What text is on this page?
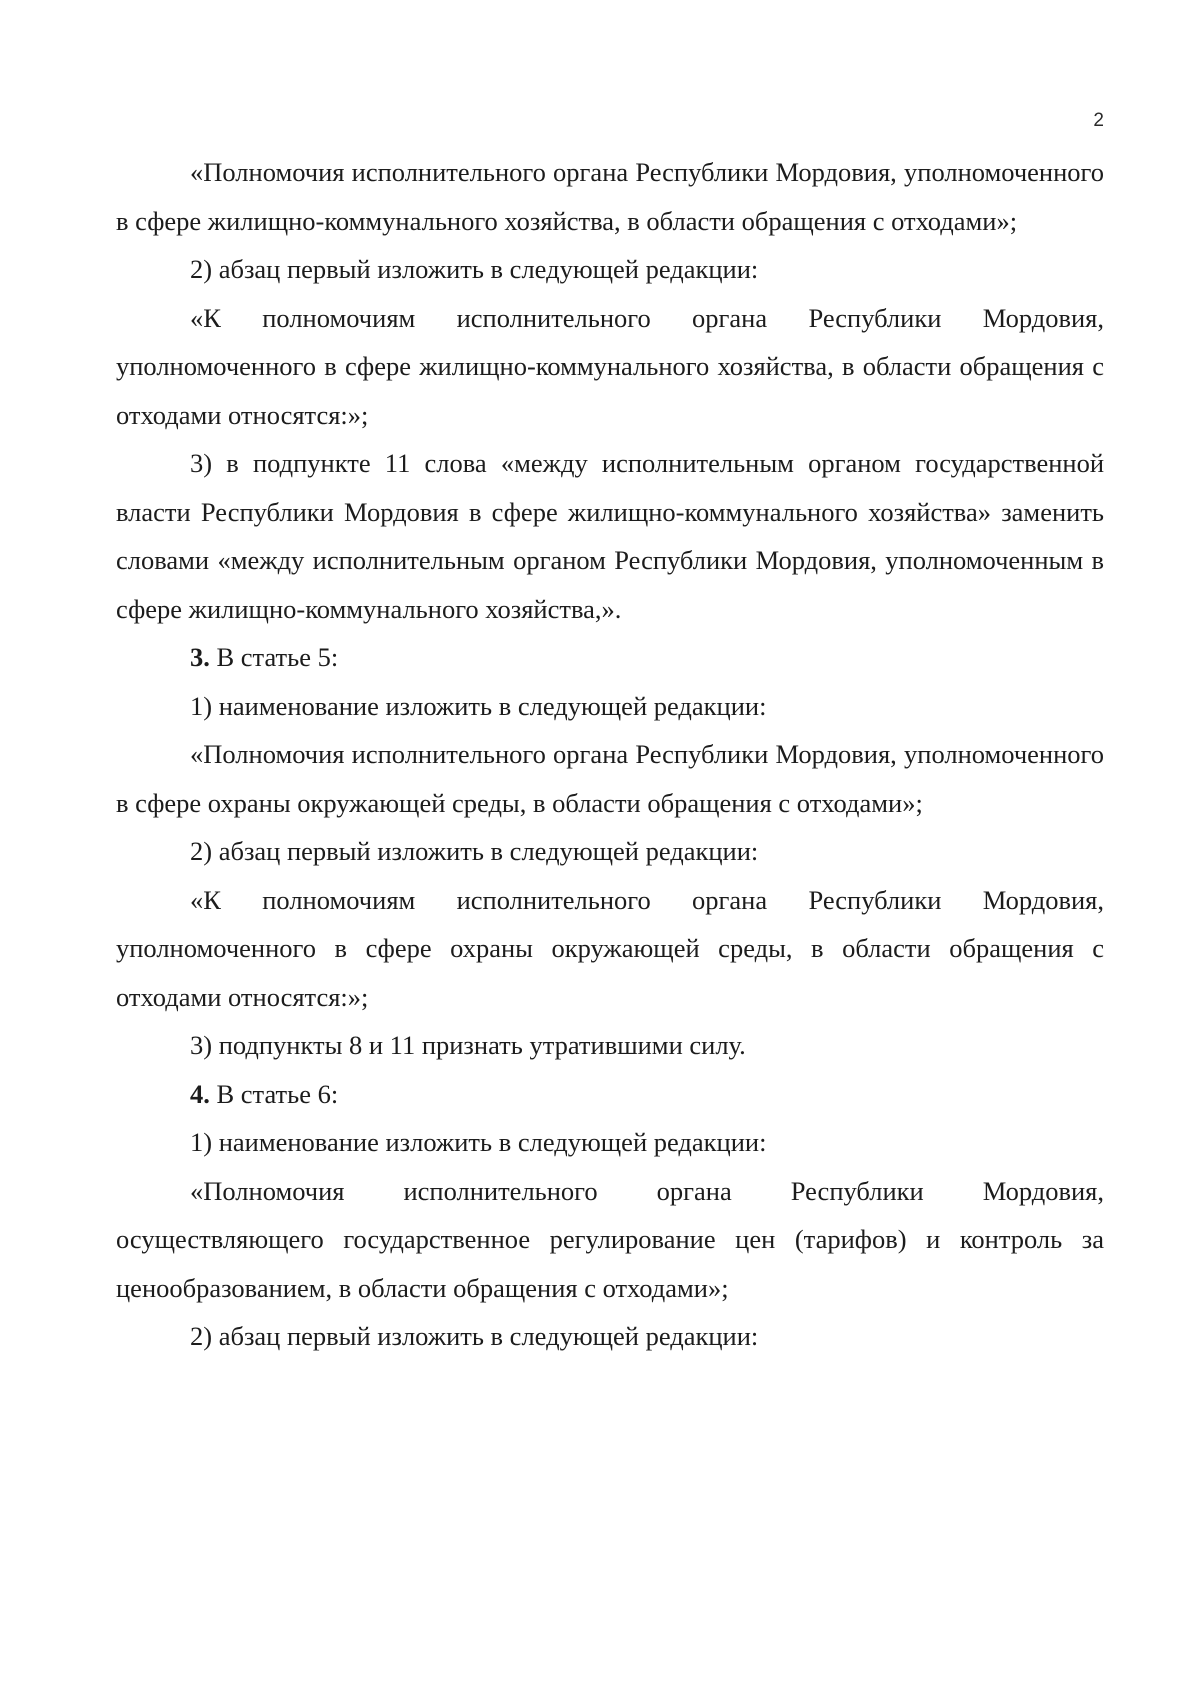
2

«Полномочия исполнительного органа Республики Мордовия, уполномоченного в сфере жилищно-коммунального хозяйства, в области обращения с отходами»;

2) абзац первый изложить в следующей редакции:

«К полномочиям исполнительного органа Республики Мордовия, уполномоченного в сфере жилищно-коммунального хозяйства, в области обращения с отходами относятся:»;

3) в подпункте 11 слова «между исполнительным органом государственной власти Республики Мордовия в сфере жилищно-коммунального хозяйства» заменить словами «между исполнительным органом Республики Мордовия, уполномоченным в сфере жилищно-коммунального хозяйства,».

3. В статье 5:

1) наименование изложить в следующей редакции:

«Полномочия исполнительного органа Республики Мордовия, уполномоченного в сфере охраны окружающей среды, в области обращения с отходами»;

2) абзац первый изложить в следующей редакции:

«К полномочиям исполнительного органа Республики Мордовия, уполномоченного в сфере охраны окружающей среды, в области обращения с отходами относятся:»;

3) подпункты 8 и 11 признать утратившими силу.

4. В статье 6:

1) наименование изложить в следующей редакции:

«Полномочия исполнительного органа Республики Мордовия, осуществляющего государственное регулирование цен (тарифов) и контроль за ценообразованием, в области обращения с отходами»;

2) абзац первый изложить в следующей редакции:
